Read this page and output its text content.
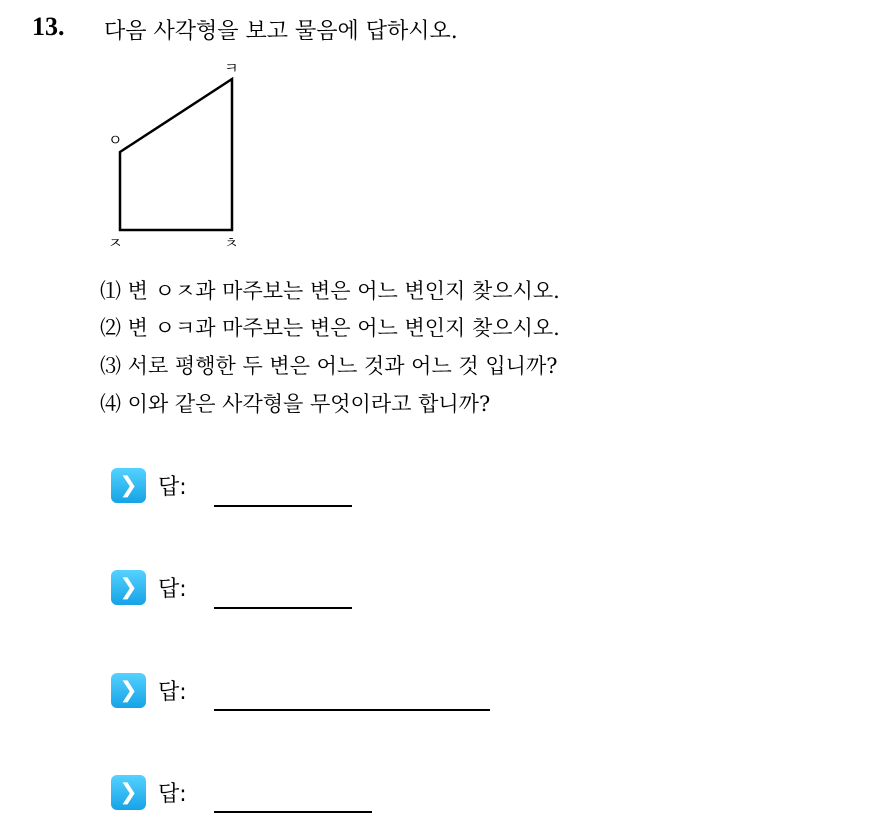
13. 다음 사각형을 보고 물음에 답하시오.
ㅋ
ㅇ
ㅈ	ㅊ
⑴ 변 ㅇㅈ과 마주보는 변은 어느 변인지 찾으시오.
⑵ 변 ㅇㅋ과 마주보는 변은 어느 변인지 찾으시오.
⑶ 서로 평행한 두 변은 어느 것과 어느 것 입니까?
⑷ 이와 같은 사각형을 무엇이라고 합니까?
❯ 답:
❯ 답:
❯ 답:
❯ 답:
